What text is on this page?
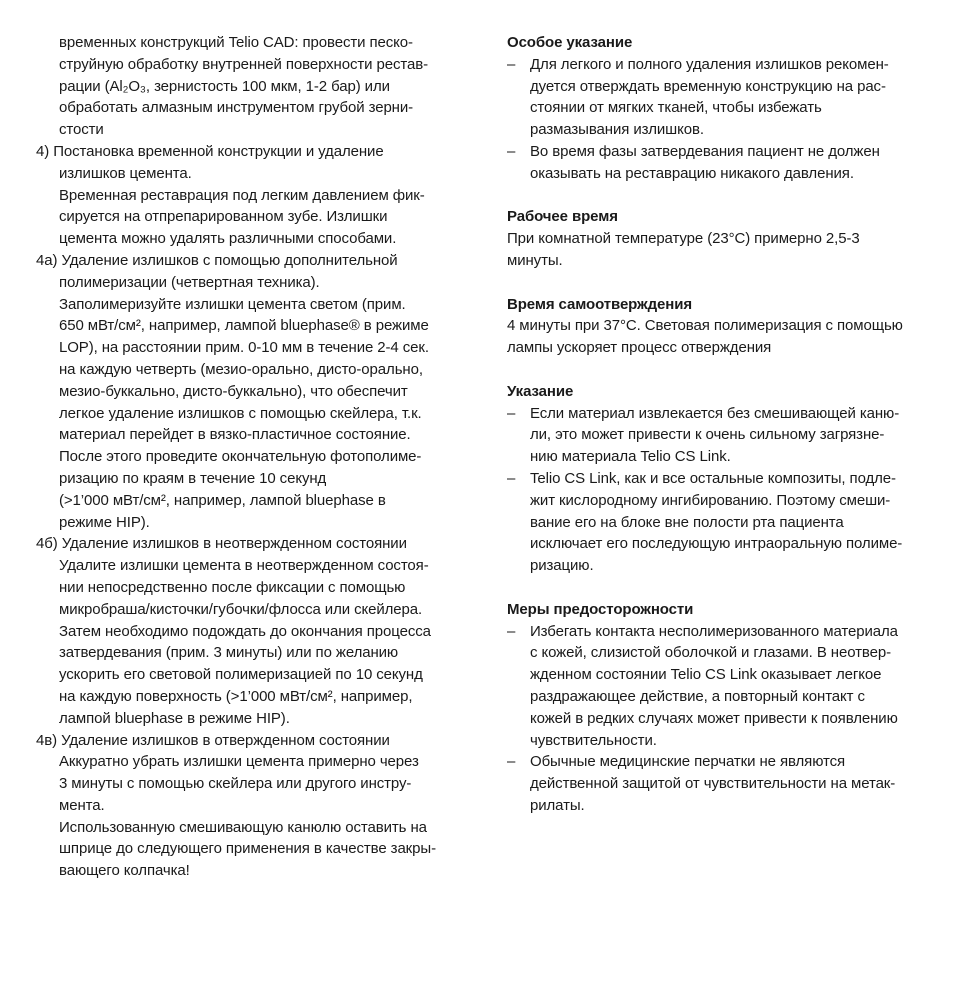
временных конструкций Telio CAD: провести песко-
струйную обработку внутренней поверхности рестав-
рации (Al₂O₃, зернистость 100 мкм, 1-2 бар) или
обработать алмазным инструментом грубой зерни-
стости
4) Постановка временной конструкции и удаление
излишков цемента.
Временная реставрация под легким давлением фик-
сируется на отпрепарированном зубе. Излишки
цемента можно удалять различными способами.
4а) Удаление излишков с помощью дополнительной
полимеризации (четвертная техника).
Заполимеризуйте излишки цемента светом (прим.
650 мВт/см², например, лампой bluephase® в режиме
LOP), на расстоянии прим. 0-10 мм в течение 2-4 сек.
на каждую четверть (мезио-орально, дисто-орально,
мезио-буккально, дисто-буккально), что обеспечит
легкое удаление излишков с помощью скейлера, т.к.
материал перейдет в вязко-пластичное состояние.
После этого проведите окончательную фотополиме-
ризацию по краям в течение 10 секунд
(>1’000 мВт/см², например, лампой bluephase в
режиме HIP).
4б) Удаление излишков в неотвержденном состоянии
Удалите излишки цемента в неотвержденном состоя-
нии непосредственно после фиксации с помощью
микробраша/кисточки/губочки/флосса или скейлера.
Затем необходимо подождать до окончания процесса
затвердевания (прим. 3 минуты) или по желанию
ускорить его световой полимеризацией по 10 секунд
на каждую поверхность (>1’000 мВт/см², например,
лампой bluephase в режиме HIP).
4в) Удаление излишков в отвержденном состоянии
Аккуратно убрать излишки цемента примерно через
3 минуты с помощью скейлера или другого инстру-
мента.
Использованную смешивающую канюлю оставить на
шприце до следующего применения в качестве закры-
вающего колпачка!
Особое указание
– Для легкого и полного удаления излишков рекомен-
дуется отверждать временную конструкцию на рас-
стоянии от мягких тканей, чтобы избежать
размазывания излишков.
– Во время фазы затвердевания пациент не должен
оказывать на реставрацию никакого давления.
Рабочее время
При комнатной температуре (23°C) примерно 2,5-3
минуты.
Время самоотверждения
4 минуты при 37°C. Световая полимеризация с помощью
лампы ускоряет процесс отверждения
Указание
– Если материал извлекается без смешивающей каню-
ли, это может привести к очень сильному загрязне-
нию материала Telio CS Link.
– Telio CS Link, как и все остальные композиты, подле-
жит кислородному ингибированию. Поэтому смеши-
вание его на блоке вне полости рта пациента
исключает его последующую интраоральную полиме-
ризацию.
Меры предосторожности
– Избегать контакта несполимеризованного материала
с кожей, слизистой оболочкой и глазами. В неотвер-
жденном состоянии Telio CS Link оказывает легкое
раздражающее действие, а повторный контакт с
кожей в редких случаях может привести к появлению
чувствительности.
– Обычные медицинские перчатки не являются
действенной защитой от чувствительности на метак-
рилаты.
